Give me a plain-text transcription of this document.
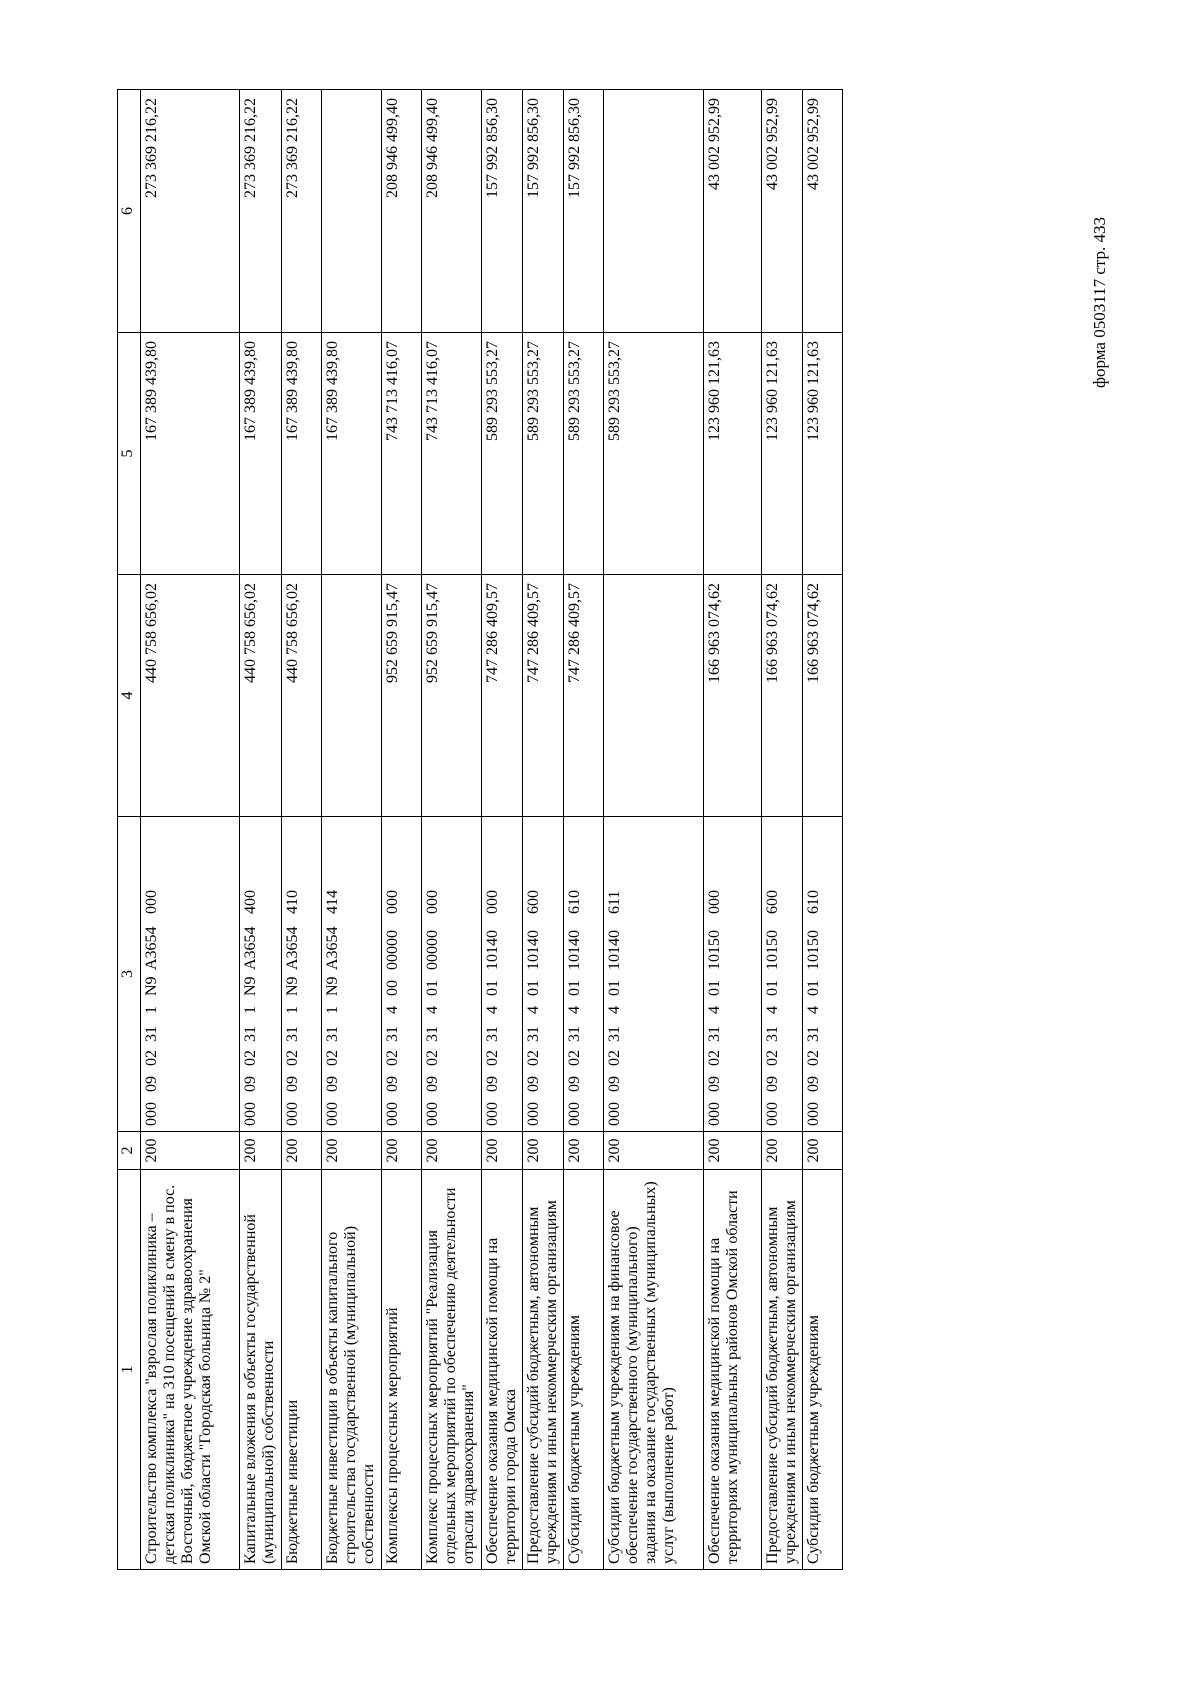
форма 0503117 стр. 433
1	2	3	4	5	6
Строительство комплекса "взрослая поликлиника – детская поликлиника" на 310 посещений в смену в пос. Восточный, бюджетное учреждение здравоохранения Омской области "Городская больница № 2"	200	0000902311N9A3654000	440 758 656,02	167 389 439,80	273 369 216,22
Капитальные вложения в объекты государственной (муниципальной) собственности	200	0000902311N9A3654400	440 758 656,02	167 389 439,80	273 369 216,22
Бюджетные инвестиции	200	0000902311N9A3654410	440 758 656,02	167 389 439,80	273 369 216,22
Бюджетные инвестиции в объекты капитального строительства государственной (муниципальной) собственности	200	0000902311N9A3654414		167 389 439,80	
Комплексы процессных мероприятий	200	00009023140000000000	952 659 915,47	743 713 416,07	208 946 499,40
Комплекс процессных мероприятий "Реализация отдельных мероприятий по обеспечению деятельности отрасли здравоохранения"	200	00009023140100000000	952 659 915,47	743 713 416,07	208 946 499,40
Обеспечение оказания медицинской помощи на территории города Омска	200	00009023140110140000	747 286 409,57	589 293 553,27	157 992 856,30
Предоставление субсидий бюджетным, автономным учреждениям и иным некоммерческим организациям	200	00009023140110140600	747 286 409,57	589 293 553,27	157 992 856,30
Субсидии бюджетным учреждениям	200	00009023140110140610	747 286 409,57	589 293 553,27	157 992 856,30
Субсидии бюджетным учреждениям на финансовое обеспечение государственного (муниципального) задания на оказание государственных (муниципальных) услуг (выполнение работ)	200	00009023140110140611		589 293 553,27	
Обеспечение оказания медицинской помощи на территориях муниципальных районов Омской области	200	00009023140110150000	166 963 074,62	123 960 121,63	43 002 952,99
Предоставление субсидий бюджетным, автономным учреждениям и иным некоммерческим организациям	200	00009023140110150600	166 963 074,62	123 960 121,63	43 002 952,99
Субсидии бюджетным учреждениям	200	00009023140110150610	166 963 074,62	123 960 121,63	43 002 952,99
